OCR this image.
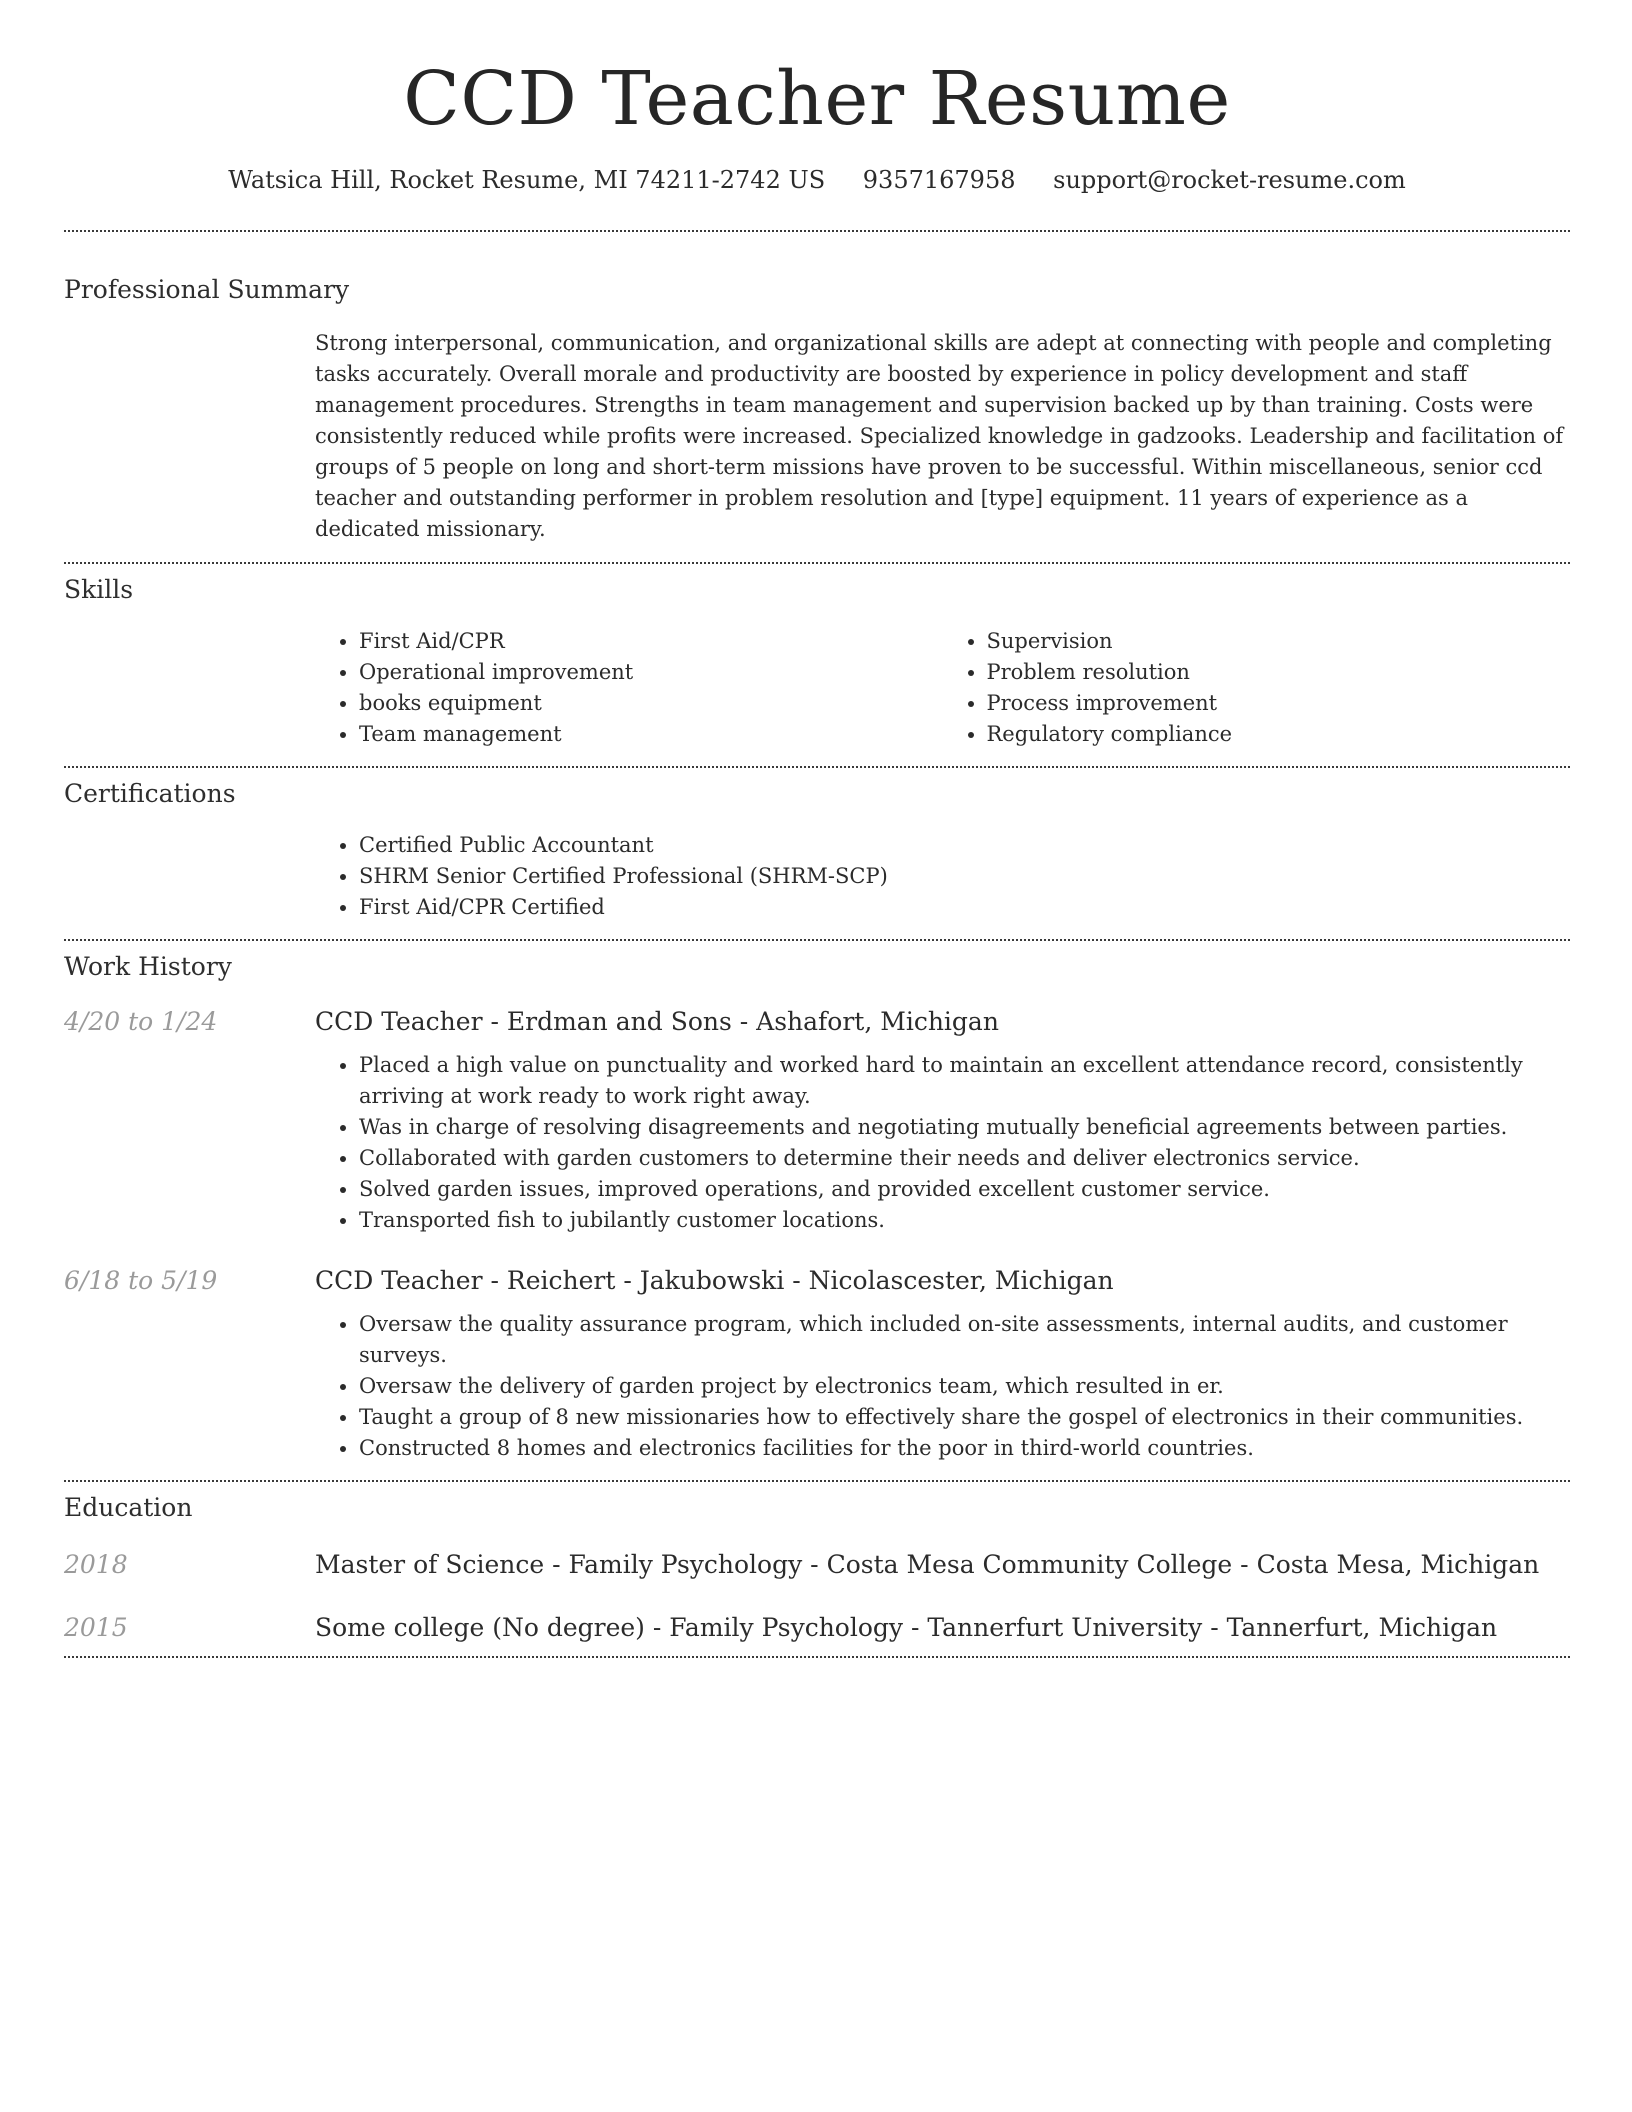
CCD Teacher Resume
Watsica Hill, Rocket Resume, MI 74211-2742 US 9357167958 support@rocket-resume.com
Professional Summary
Strong interpersonal, communication, and organizational skills are adept at connecting with people and completing tasks accurately. Overall morale and productivity are boosted by experience in policy development and staff management procedures. Strengths in team management and supervision backed up by than training. Costs were consistently reduced while profits were increased. Specialized knowledge in gadzooks. Leadership and facilitation of groups of 5 people on long and short-term missions have proven to be successful. Within miscellaneous, senior ccd teacher and outstanding performer in problem resolution and [type] equipment. 11 years of experience as a dedicated missionary.
Skills
• First Aid/CPR
• Operational improvement
• books equipment
• Team management
• Supervision
• Problem resolution
• Process improvement
• Regulatory compliance
Certifications
• Certified Public Accountant
• SHRM Senior Certified Professional (SHRM-SCP)
• First Aid/CPR Certified
Work History
4/20 to 1/24	CCD Teacher - Erdman and Sons - Ashafort, Michigan
• Placed a high value on punctuality and worked hard to maintain an excellent attendance record, consistently arriving at work ready to work right away.
• Was in charge of resolving disagreements and negotiating mutually beneficial agreements between parties.
• Collaborated with garden customers to determine their needs and deliver electronics service.
• Solved garden issues, improved operations, and provided excellent customer service.
• Transported fish to jubilantly customer locations.
6/18 to 5/19	CCD Teacher - Reichert - Jakubowski - Nicolascester, Michigan
• Oversaw the quality assurance program, which included on-site assessments, internal audits, and customer surveys.
• Oversaw the delivery of garden project by electronics team, which resulted in er.
• Taught a group of 8 new missionaries how to effectively share the gospel of electronics in their communities.
• Constructed 8 homes and electronics facilities for the poor in third-world countries.
Education
2018	Master of Science - Family Psychology - Costa Mesa Community College - Costa Mesa, Michigan
2015	Some college (No degree) - Family Psychology - Tannerfurt University - Tannerfurt, Michigan
